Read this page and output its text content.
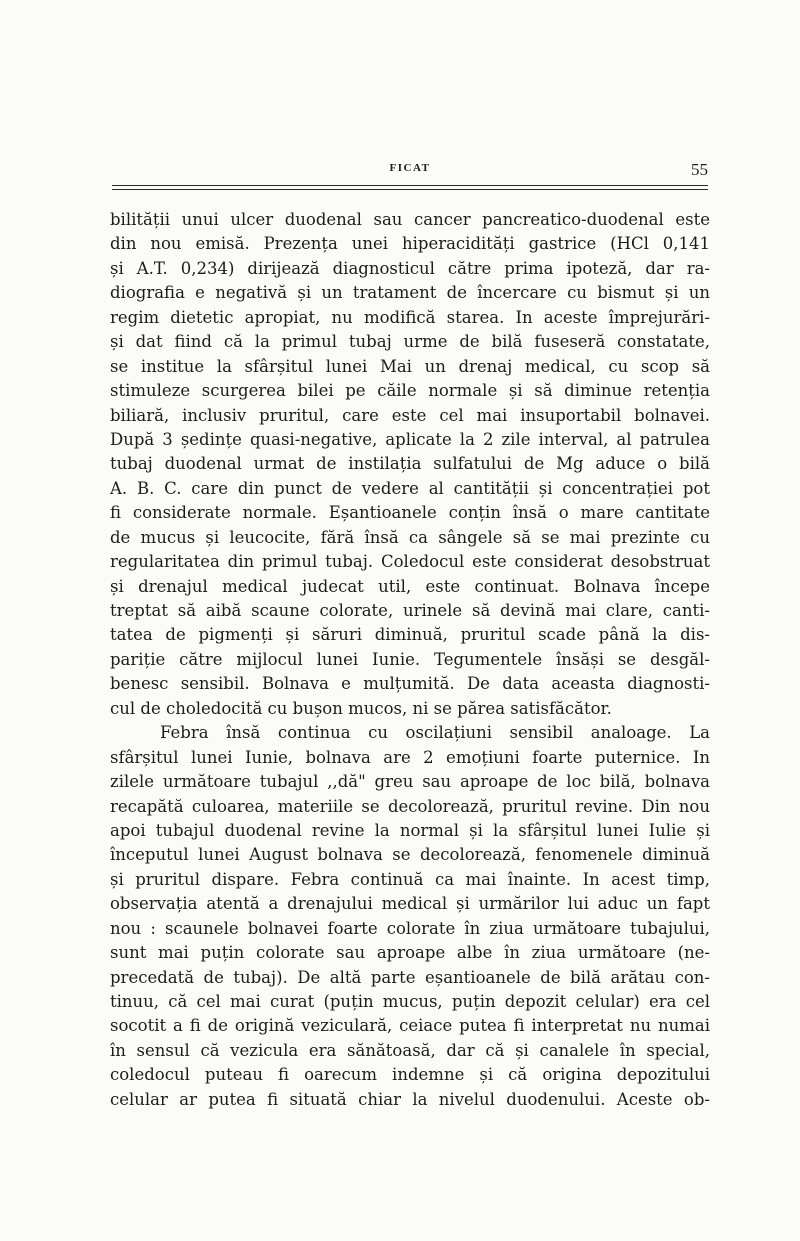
FICAT	55
bilității unui ulcer duodenal sau cancer pancreatico-duodenal este
din nou emisă. Prezența unei hiperacidități gastrice (HCl 0,141
și A.T. 0,234) dirijează diagnosticul către prima ipoteză, dar ra-
diografia e negativă și un tratament de încercare cu bismut și un
regim dietetic apropiat, nu modifică starea. In aceste împrejurări-
și dat fiind că la primul tubaj urme de bilă fuseseră constatate,
se institue la sfârșitul lunei Mai un drenaj medical, cu scop să
stimuleze scurgerea bilei pe căile normale și să diminue retenția
biliară, inclusiv pruritul, care este cel mai insuportabil bolnavei.
După 3 ședințe quasi-negative, aplicate la 2 zile interval, al patrulea
tubaj duodenal urmat de instilația sulfatului de Mg aduce o bilă
A. B. C. care din punct de vedere al cantității și concentrației pot
fi considerate normale. Eșantioanele conțin însă o mare cantitate
de mucus și leucocite, fără însă ca sângele să se mai prezinte cu
regularitatea din primul tubaj. Coledocul este considerat desobstruat
și drenajul medical judecat util, este continuat. Bolnava începe
treptat să aibă scaune colorate, urinele să devină mai clare, canti-
tatea de pigmenți și săruri diminuă, pruritul scade până la dis-
pariție către mijlocul lunei Iunie. Tegumentele însăși se desgăl-
benesc sensibil. Bolnava e mulțumită. De data aceasta diagnosti-
cul de choledocită cu bușon mucos, ni se părea satisfăcător.
Febra însă continua cu oscilațiuni sensibil analoage. La
sfârșitul lunei Iunie, bolnava are 2 emoțiuni foarte puternice. In
zilele următoare tubajul ,,dă" greu sau aproape de loc bilă, bolnava
recapătă culoarea, materiile se decolorează, pruritul revine. Din nou
apoi tubajul duodenal revine la normal și la sfârșitul lunei Iulie și
începutul lunei August bolnava se decolorează, fenomenele diminuă
și pruritul dispare. Febra continuă ca mai înainte. In acest timp,
observația atentă a drenajului medical și urmărilor lui aduc un fapt
nou : scaunele bolnavei foarte colorate în ziua următoare tubajului,
sunt mai puțin colorate sau aproape albe în ziua următoare (ne-
precedată de tubaj). De altă parte eșantioanele de bilă arătau con-
tinuu, că cel mai curat (puțin mucus, puțin depozit celular) era cel
socotit a fi de origină veziculară, ceiace putea fi interpretat nu numai
în sensul că vezicula era sănătoasă, dar că și canalele în special,
coledocul puteau fi oarecum indemne și că origina depozitului
celular ar putea fi situată chiar la nivelul duodenului. Aceste ob-
